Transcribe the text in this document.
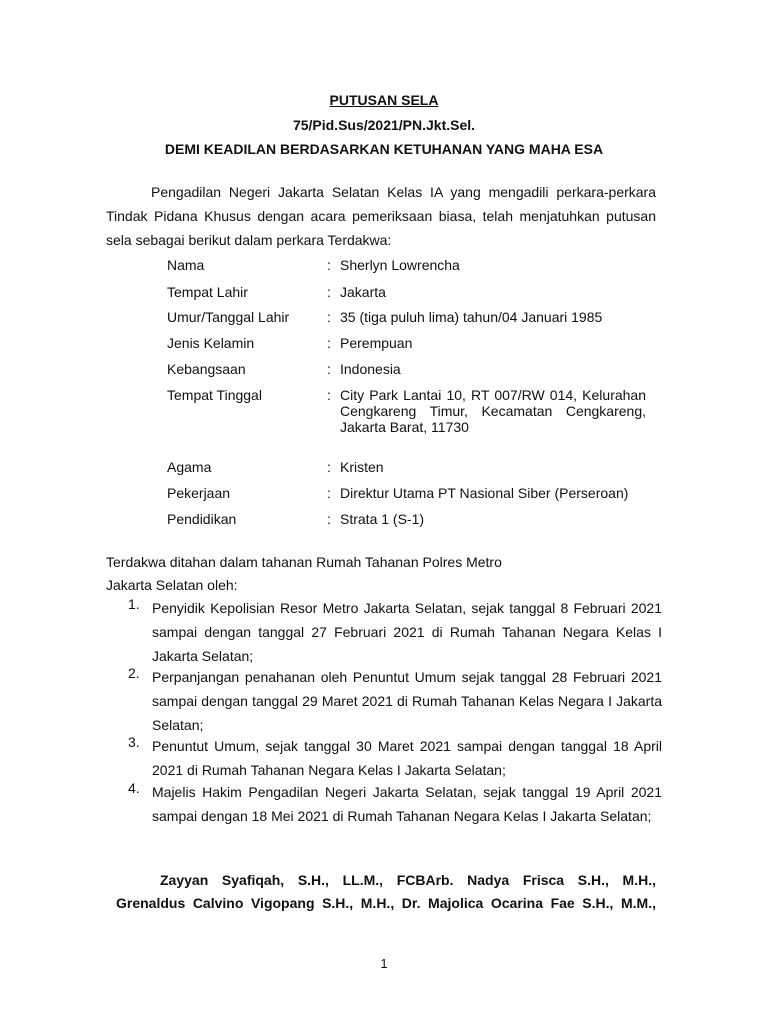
PUTUSAN SELA
75/Pid.Sus/2021/PN.Jkt.Sel.
DEMI KEADILAN BERDASARKAN KETUHANAN YANG MAHA ESA
Pengadilan Negeri Jakarta Selatan Kelas IA yang mengadili perkara-perkara Tindak Pidana Khusus dengan acara pemeriksaan biasa, telah menjatuhkan putusan sela sebagai berikut dalam perkara Terdakwa:
Nama	: Sherlyn Lowrencha
Tempat Lahir	: Jakarta
Umur/Tanggal Lahir	: 35 (tiga puluh lima) tahun/04 Januari 1985
Jenis Kelamin	: Perempuan
Kebangsaan	: Indonesia
Tempat Tinggal	: City Park Lantai 10, RT 007/RW 014, Kelurahan Cengkareng Timur, Kecamatan Cengkareng, Jakarta Barat, 11730
Agama	: Kristen
Pekerjaan	: Direktur Utama PT Nasional Siber (Perseroan)
Pendidikan	: Strata 1 (S-1)
Terdakwa ditahan dalam tahanan Rumah Tahanan Polres Metro
Jakarta Selatan oleh:
1. Penyidik Kepolisian Resor Metro Jakarta Selatan, sejak tanggal 8 Februari 2021 sampai dengan tanggal 27 Februari 2021 di Rumah Tahanan Negara Kelas I Jakarta Selatan;
2. Perpanjangan penahanan oleh Penuntut Umum sejak tanggal 28 Februari 2021 sampai dengan tanggal 29 Maret 2021 di Rumah Tahanan Kelas Negara I Jakarta Selatan;
3. Penuntut Umum, sejak tanggal 30 Maret 2021 sampai dengan tanggal 18 April 2021 di Rumah Tahanan Negara Kelas I Jakarta Selatan;
4. Majelis Hakim Pengadilan Negeri Jakarta Selatan, sejak tanggal 19 April 2021 sampai dengan 18 Mei 2021 di Rumah Tahanan Negara Kelas I Jakarta Selatan;
Zayyan Syafiqah, S.H., LL.M., FCBArb. Nadya Frisca S.H., M.H.,
Grenaldus Calvino Vigopang S.H., M.H., Dr. Majolica Ocarina Fae S.H., M.M.,
1
